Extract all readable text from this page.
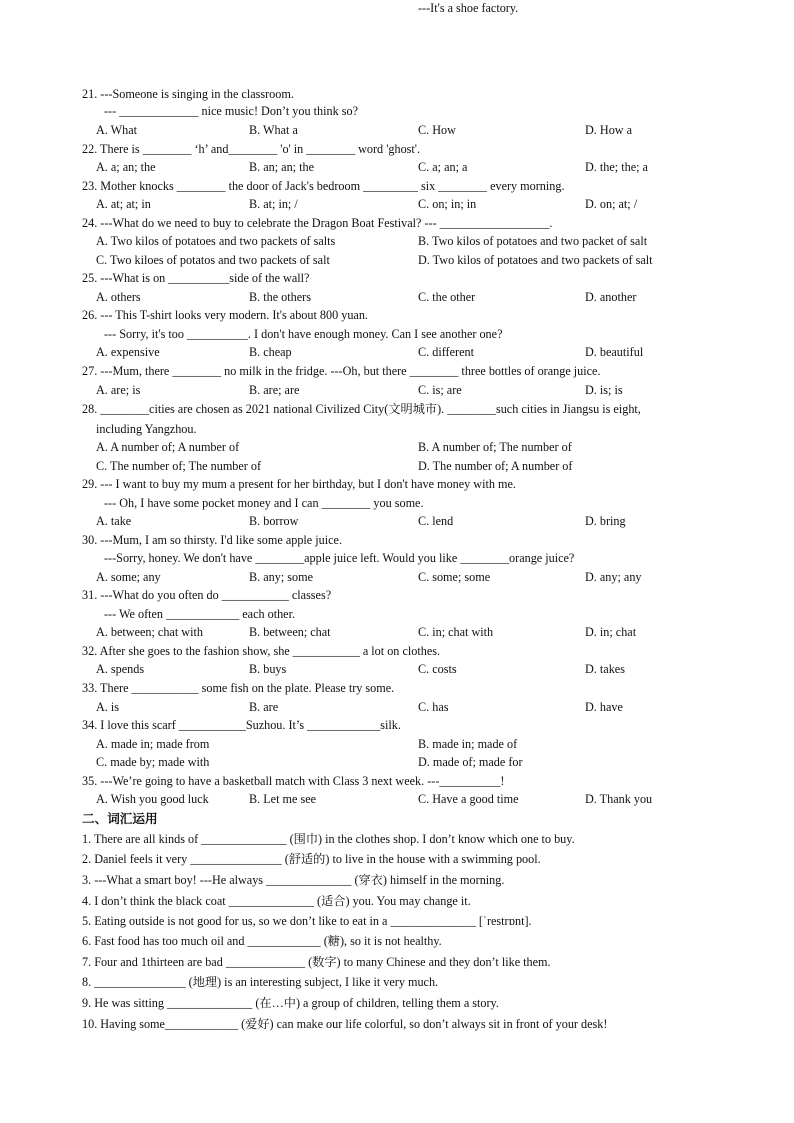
21. ---Someone is singing in the classroom.
--- _____________ nice music! Don’t you think so?
A. What	B. What a	C. How	D. How a
22. There is ________ ‘h’ and________ 'o' in ________ word 'ghost'.
A. a; an; the	B. an; an; the	C. a; an; a	D. the; the; a
23. Mother knocks ________ the door of Jack's bedroom _________ six ________ every morning.
A. at; at; in	B. at; in; /	C. on; in; in	D. on; at; /
24. ---What do we need to buy to celebrate the Dragon Boat Festival? --- __________________.
A. Two kilos of potatoes and two packets of salts	B. Two kilos of potatoes and two packet of salt
C. Two kiloes of potatos and two packets of salt	D. Two kilos of potatoes and two packets of salt
25. ---What is on __________side of the wall?
---It's a shoe factory.
A. others	B. the others	C. the other	D. another
26. --- This T-shirt looks very modern. It's about 800 yuan.
--- Sorry, it's too __________. I don't have enough money. Can I see another one?
A. expensive	B. cheap	C. different	D. beautiful
27. ---Mum, there ________ no milk in the fridge. ---Oh, but there ________ three bottles of orange juice.
A. are; is	B. are; are	C. is; are	D. is; is
28. ________cities are chosen as 2021 national Civilized City(文明城市). ________such cities in Jiangsu is eight,
including Yangzhou.
A. A number of; A number of	B. A number of; The number of
C. The number of; The number of	D. The number of; A number of
29. --- I want to buy my mum a present for her birthday, but I don't have money with me.
--- Oh, I have some pocket money and I can ________ you some.
A. take	B. borrow	C. lend	D. bring
30. ---Mum, I am so thirsty. I'd like some apple juice.
---Sorry, honey. We don't have ________apple juice left. Would you like ________orange juice?
A. some; any	B. any; some	C. some; some	D. any; any
31. ---What do you often do ___________ classes?
--- We often ____________ each other.
A. between; chat with	B. between; chat	C. in; chat with	D. in; chat
32. After she goes to the fashion show, she ___________ a lot on clothes.
A. spends	B. buys	C. costs	D. takes
33. There ___________ some fish on the plate. Please try some.
A. is	B. are	C. has	D. have
34. I love this scarf ___________Suzhou. It’s ____________silk.
A. made in; made from	B. made in; made of
C. made by; made with	D. made of; made for
35. ---We’re going to have a basketball match with Class 3 next week. ---__________!
A. Wish you good luck	B. Let me see	C. Have a good time	D. Thank you
二、词汇运用
1. There are all kinds of ______________ (围巾) in the clothes shop. I don’t know which one to buy.
2. Daniel feels it very _______________ (舒适的) to live in the house with a swimming pool.
3. ---What a smart boy! ---He always ______________ (穿衣) himself in the morning.
4. I don’t think the black coat ______________ (适合) you. You may change it.
5. Eating outside is not good for us, so we don’t like to eat in a ______________ [ˈrestrɒnt].
6. Fast food has too much oil and ____________ (糖), so it is not healthy.
7. Four and 1thirteen are bad _____________ (数字) to many Chinese and they don’t like them.
8. _______________ (地理) is an interesting subject, I like it very much.
9. He was sitting ______________ (在…中) a group of children, telling them a story.
10. Having some____________ (爱好) can make our life colorful, so don’t always sit in front of your desk!
